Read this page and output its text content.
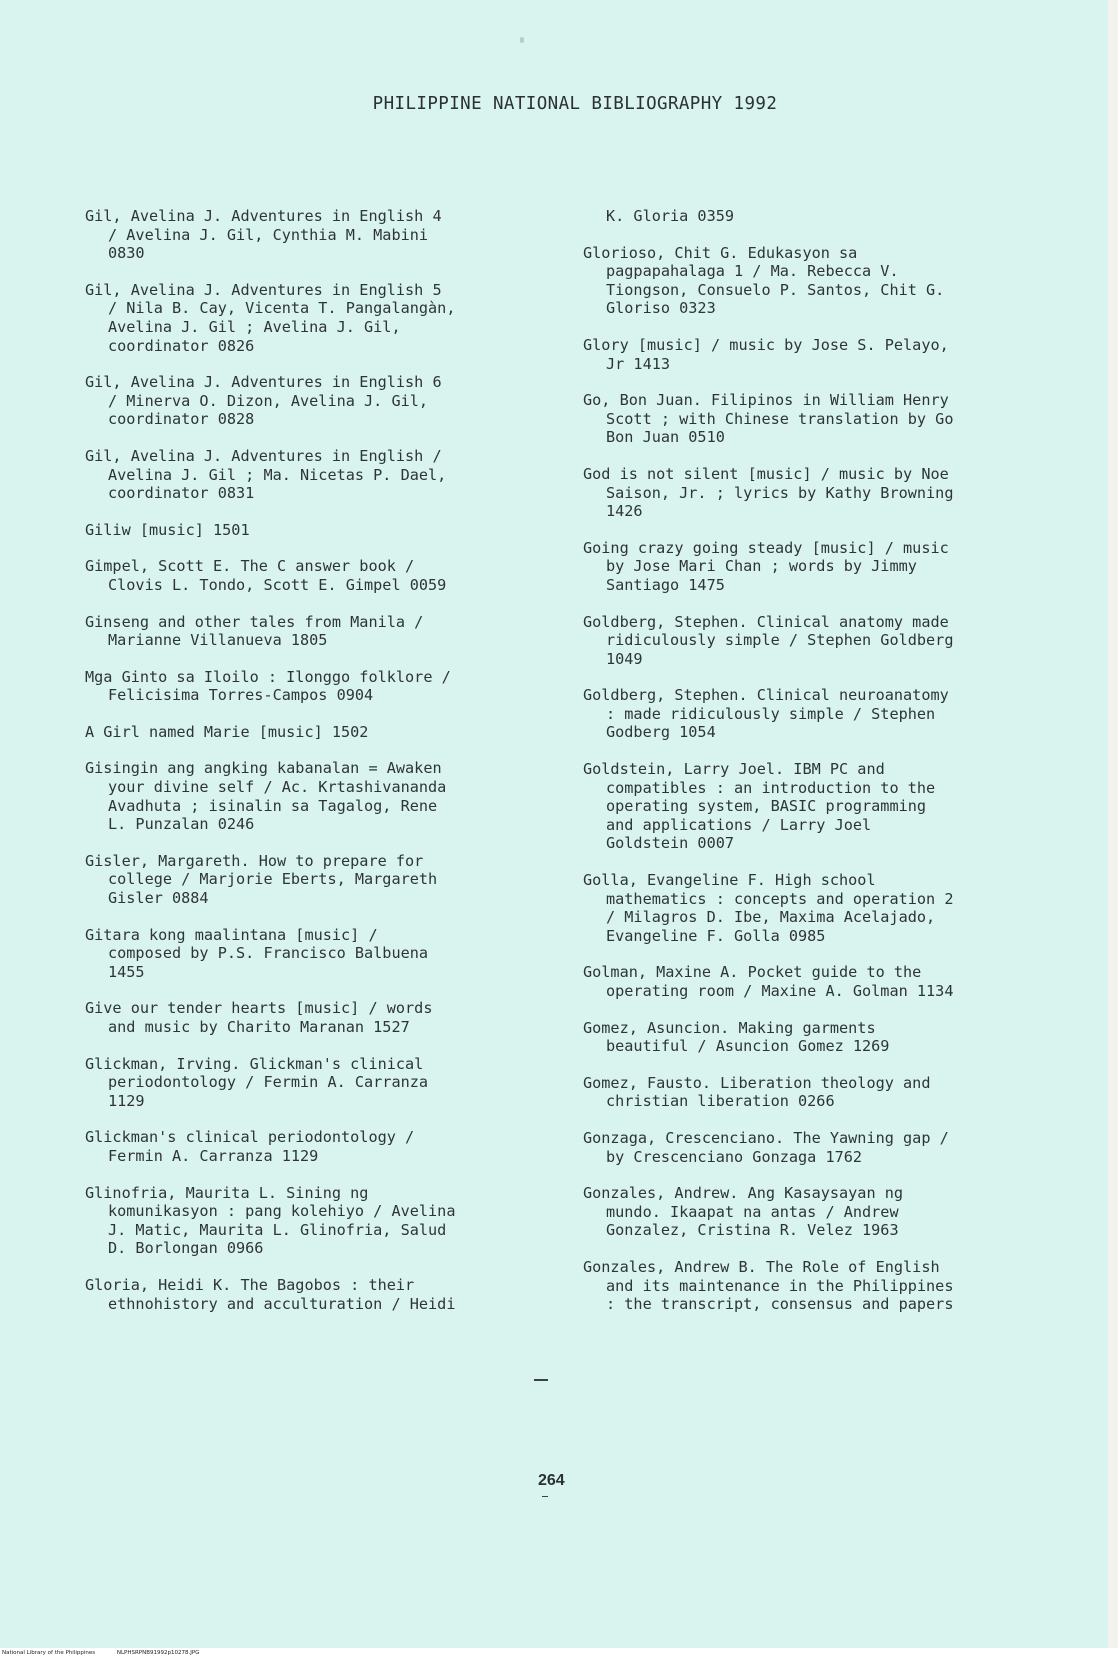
PHILIPPINE NATIONAL BIBLIOGRAPHY 1992

Gil, Avelina J. Adventures in English 4
/ Avelina J. Gil, Cynthia M. Mabini
0830

Gil, Avelina J. Adventures in English 5
/ Nila B. Cay, Vicenta T. Pangalangàn,
Avelina J. Gil ; Avelina J. Gil,
coordinator 0826

Gil, Avelina J. Adventures in English 6
/ Minerva O. Dizon, Avelina J. Gil,
coordinator 0828

Gil, Avelina J. Adventures in English /
Avelina J. Gil ; Ma. Nicetas P. Dael,
coordinator 0831

Giliw [music] 1501

Gimpel, Scott E. The C answer book /
Clovis L. Tondo, Scott E. Gimpel 0059

Ginseng and other tales from Manila /
Marianne Villanueva 1805

Mga Ginto sa Iloilo : Ilonggo folklore /
Felicisima Torres-Campos 0904

A Girl named Marie [music] 1502

Gisingin ang angking kabanalan = Awaken
your divine self / Ac. Krtashivananda
Avadhuta ; isinalin sa Tagalog, Rene
L. Punzalan 0246

Gisler, Margareth. How to prepare for
college / Marjorie Eberts, Margareth
Gisler 0884

Gitara kong maalintana [music] /
composed by P.S. Francisco Balbuena
1455

Give our tender hearts [music] / words
and music by Charito Maranan 1527

Glickman, Irving. Glickman's clinical
periodontology / Fermin A. Carranza
1129

Glickman's clinical periodontology /
Fermin A. Carranza 1129

Glinofria, Maurita L. Sining ng
komunikasyon : pang kolehiyo / Avelina
J. Matic, Maurita L. Glinofria, Salud
D. Borlongan 0966

Gloria, Heidi K. The Bagobos : their
ethnohistory and acculturation / Heidi

K. Gloria 0359

Glorioso, Chit G. Edukasyon sa
pagpapahalaga 1 / Ma. Rebecca V.
Tiongson, Consuelo P. Santos, Chit G.
Gloriso 0323

Glory [music] / music by Jose S. Pelayo,
Jr 1413

Go, Bon Juan. Filipinos in William Henry
Scott ; with Chinese translation by Go
Bon Juan 0510

God is not silent [music] / music by Noe
Saison, Jr. ; lyrics by Kathy Browning
1426

Going crazy going steady [music] / music
by Jose Mari Chan ; words by Jimmy
Santiago 1475

Goldberg, Stephen. Clinical anatomy made
ridiculously simple / Stephen Goldberg
1049

Goldberg, Stephen. Clinical neuroanatomy
: made ridiculously simple / Stephen
Godberg 1054

Goldstein, Larry Joel. IBM PC and
compatibles : an introduction to the
operating system, BASIC programming
and applications / Larry Joel
Goldstein 0007

Golla, Evangeline F. High school
mathematics : concepts and operation 2
/ Milagros D. Ibe, Maxima Acelajado,
Evangeline F. Golla 0985

Golman, Maxine A. Pocket guide to the
operating room / Maxine A. Golman 1134

Gomez, Asuncion. Making garments
beautiful / Asuncion Gomez 1269

Gomez, Fausto. Liberation theology and
christian liberation 0266

Gonzaga, Crescenciano. The Yawning gap /
by Crescenciano Gonzaga 1762

Gonzales, Andrew. Ang Kasaysayan ng
mundo. Ikaapat na antas / Andrew
Gonzalez, Cristina R. Velez 1963

Gonzales, Andrew B. The Role of English
and its maintenance in the Philippines
: the transcript, consensus and papers

264
National Library of the Philippines	NLPHSRPNB91992p10278.JPG
